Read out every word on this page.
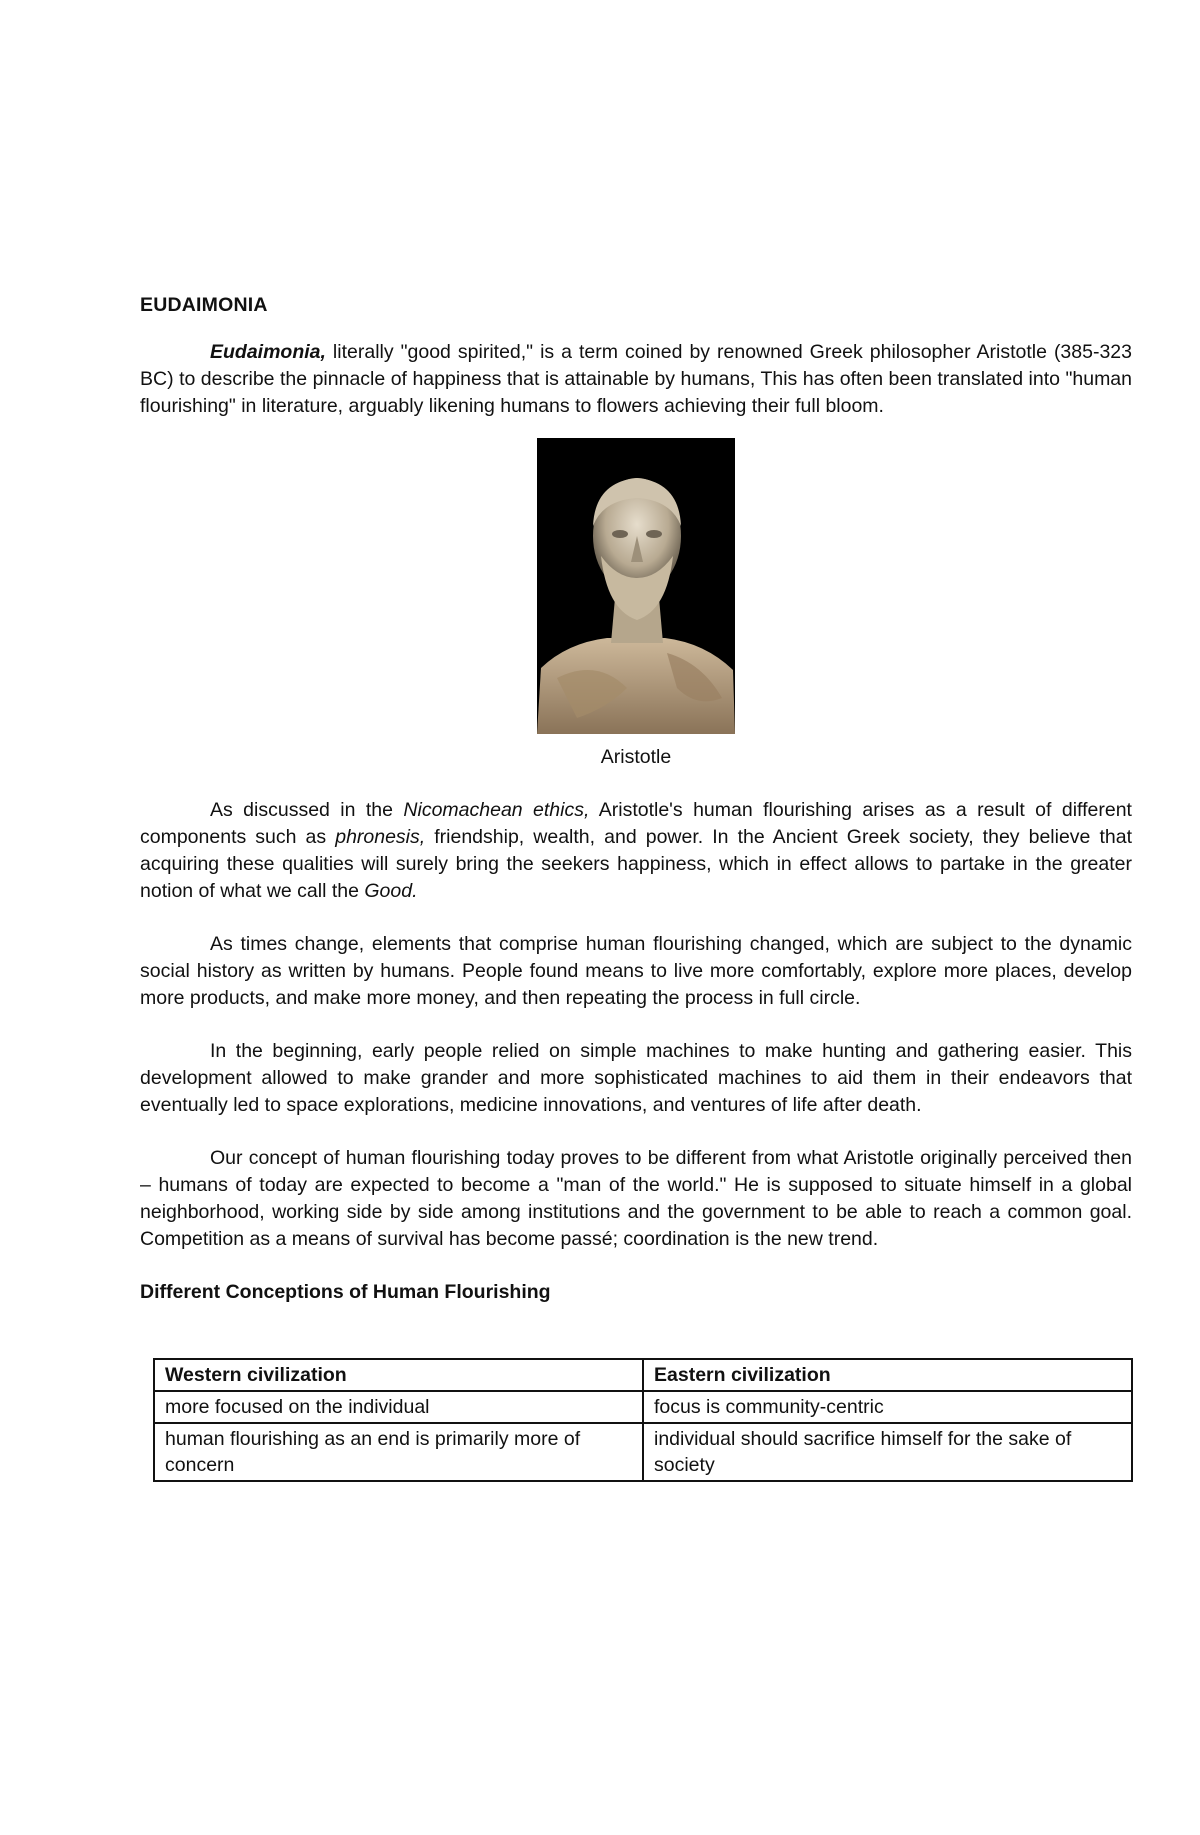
EUDAIMONIA

Eudaimonia, literally "good spirited," is a term coined by renowned Greek philosopher Aristotle (385-323 BC) to describe the pinnacle of happiness that is attainable by humans, This has often been translated into "human flourishing" in literature, arguably likening humans to flowers achieving their full bloom.

Aristotle

As discussed in the Nicomachean ethics, Aristotle's human flourishing arises as a result of different components such as phronesis, friendship, wealth, and power. In the Ancient Greek society, they believe that acquiring these qualities will surely bring the seekers happiness, which in effect allows to partake in the greater notion of what we call the Good.

As times change, elements that comprise human flourishing changed, which are subject to the dynamic social history as written by humans. People found means to live more comfortably, explore more places, develop more products, and make more money, and then repeating the process in full circle.

In the beginning, early people relied on simple machines to make hunting and gathering easier. This development allowed to make grander and more sophisticated machines to aid them in their endeavors that eventually led to space explorations, medicine innovations, and ventures of life after death.

Our concept of human flourishing today proves to be different from what Aristotle originally perceived then – humans of today are expected to become a "man of the world." He is supposed to situate himself in a global neighborhood, working side by side among institutions and the government to be able to reach a common goal. Competition as a means of survival has become passé; coordination is the new trend.

Different Conceptions of Human Flourishing
Western civilization	Eastern civilization
more focused on the individual	focus is community-centric
human flourishing as an end is primarily more of concern	individual should sacrifice himself for the sake of society
